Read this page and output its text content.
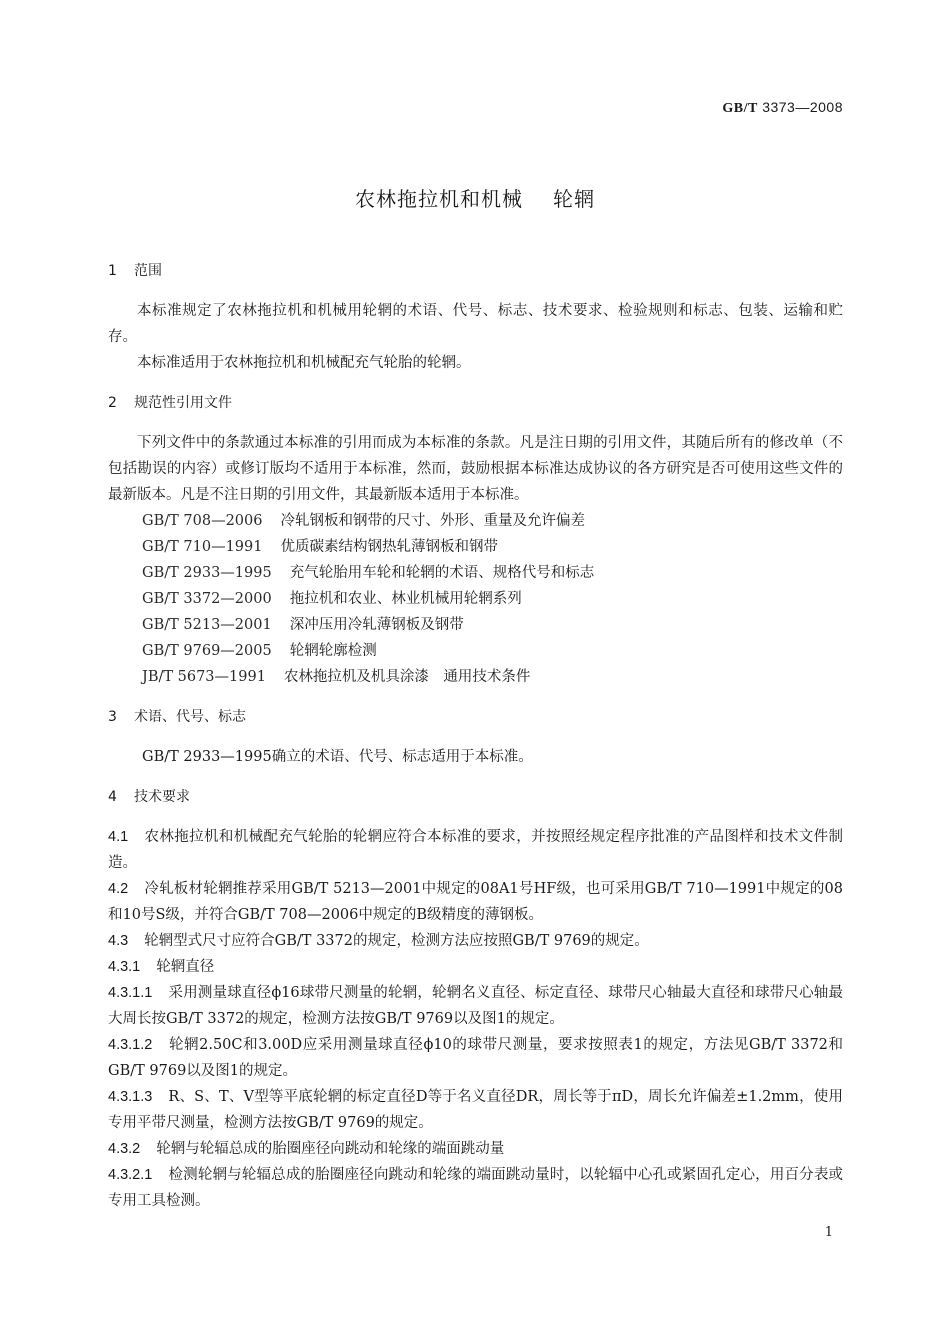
GB/T 3373—2008
农林拖拉机和机械 轮辋

1 范围

本标准规定了农林拖拉机和机械用轮辋的术语、代号、标志、技术要求、检验规则和标志、包装、运输和贮存。

本标准适用于农林拖拉机和机械配充气轮胎的轮辋。

2 规范性引用文件

下列文件中的条款通过本标准的引用而成为本标准的条款。凡是注日期的引用文件，其随后所有的修改单（不包括勘误的内容）或修订版均不适用于本标准，然而，鼓励根据本标准达成协议的各方研究是否可使用这些文件的最新版本。凡是不注日期的引用文件，其最新版本适用于本标准。

GB/T 708—2006 冷轧钢板和钢带的尺寸、外形、重量及允许偏差

GB/T 710—1991 优质碳素结构钢热轧薄钢板和钢带

GB/T 2933—1995 充气轮胎用车轮和轮辋的术语、规格代号和标志

GB/T 3372—2000 拖拉机和农业、林业机械用轮辋系列

GB/T 5213—2001 深冲压用冷轧薄钢板及钢带

GB/T 9769—2005 轮辋轮廓检测

JB/T 5673—1991 农林拖拉机及机具涂漆　通用技术条件

3 术语、代号、标志

GB/T 2933—1995确立的术语、代号、标志适用于本标准。

4 技术要求

4.1 农林拖拉机和机械配充气轮胎的轮辋应符合本标准的要求，并按照经规定程序批准的产品图样和技术文件制造。

4.2 冷轧板材轮辋推荐采用GB/T 5213—2001中规定的08A1号HF级，也可采用GB/T 710—1991中规定的08和10号S级，并符合GB/T 708—2006中规定的B级精度的薄钢板。

4.3 轮辋型式尺寸应符合GB/T 3372的规定，检测方法应按照GB/T 9769的规定。

4.3.1 轮辋直径

4.3.1.1 采用测量球直径ϕ16球带尺测量的轮辋，轮辋名义直径、标定直径、球带尺心轴最大直径和球带尺心轴最大周长按GB/T 3372的规定，检测方法按GB/T 9769以及图1的规定。

4.3.1.2 轮辋2.50C和3.00D应采用测量球直径ϕ10的球带尺测量，要求按照表1的规定，方法见GB/T 3372和GB/T 9769以及图1的规定。

4.3.1.3 R、S、T、V型等平底轮辋的标定直径D等于名义直径DR，周长等于πD，周长允许偏差±1.2mm，使用专用平带尺测量，检测方法按GB/T 9769的规定。

4.3.2 轮辋与轮辐总成的胎圈座径向跳动和轮缘的端面跳动量

4.3.2.1 检测轮辋与轮辐总成的胎圈座径向跳动和轮缘的端面跳动量时，以轮辐中心孔或紧固孔定心，用百分表或专用工具检测。

1
